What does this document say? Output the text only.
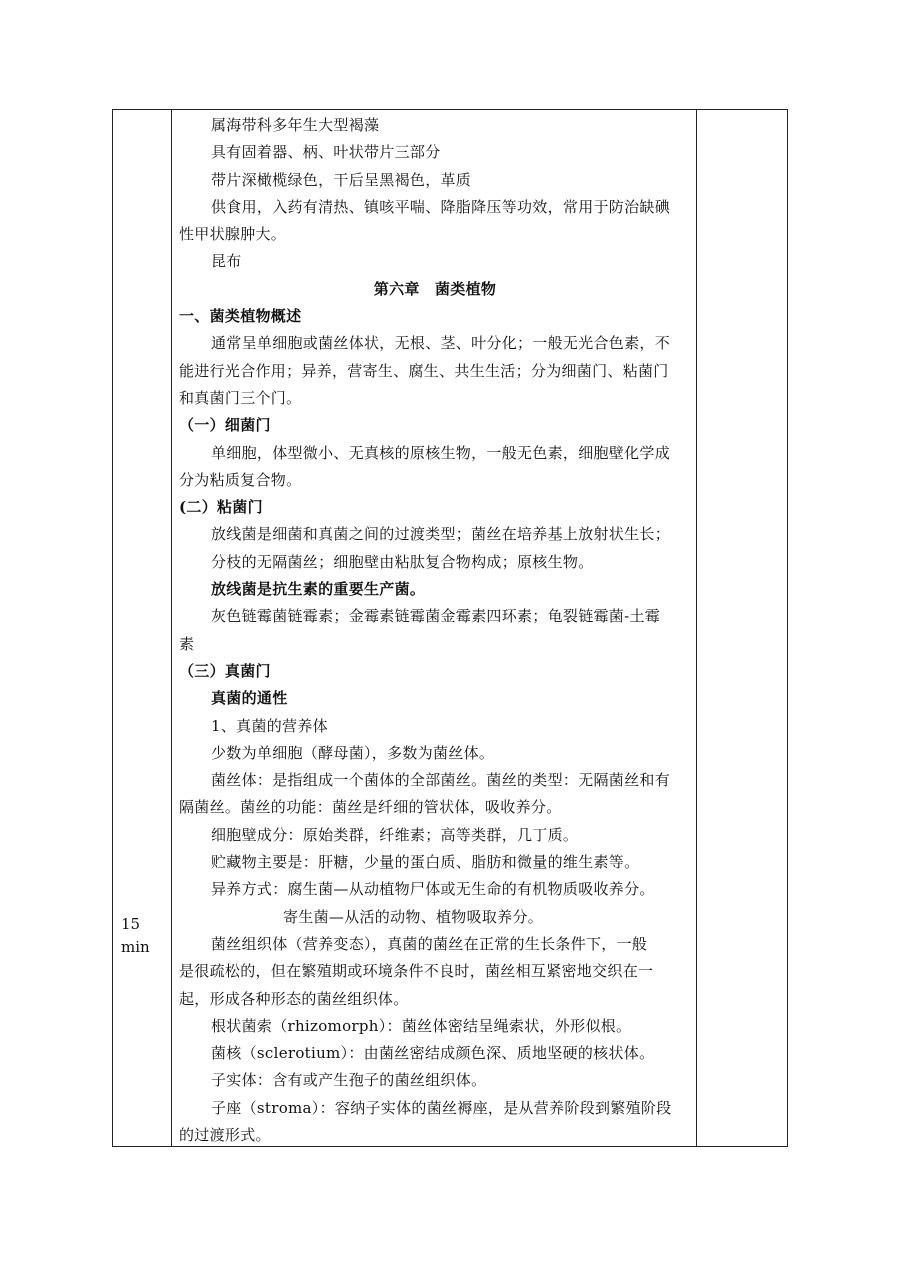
15
min
属海带科多年生大型褐藻
具有固着器、柄、叶状带片三部分
带片深橄榄绿色，干后呈黑褐色，革质
供食用，入药有清热、镇咳平喘、降脂降压等功效，常用于防治缺碘
性甲状腺肿大。
昆布
第六章　菌类植物
一、菌类植物概述
通常呈单细胞或菌丝体状，无根、茎、叶分化；一般无光合色素，不
能进行光合作用；异养，营寄生、腐生、共生生活；分为细菌门、粘菌门
和真菌门三个门。
（一）细菌门
单细胞，体型微小、无真核的原核生物，一般无色素，细胞壁化学成
分为粘质复合物。
(二）粘菌门
放线菌是细菌和真菌之间的过渡类型；菌丝在培养基上放射状生长；
分枝的无隔菌丝；细胞壁由粘肽复合物构成；原核生物。
放线菌是抗生素的重要生产菌。
灰色链霉菌链霉素；金霉素链霉菌金霉素四环素；龟裂链霉菌-土霉
素
（三）真菌门
真菌的通性
1、真菌的营养体
少数为单细胞（酵母菌），多数为菌丝体。
菌丝体：是指组成一个菌体的全部菌丝。菌丝的类型：无隔菌丝和有
隔菌丝。菌丝的功能：菌丝是纤细的管状体，吸收养分。
细胞壁成分：原始类群，纤维素；高等类群，几丁质。
贮藏物主要是：肝糖，少量的蛋白质、脂肪和微量的维生素等。
异养方式：腐生菌—从动植物尸体或无生命的有机物质吸收养分。
寄生菌—从活的动物、植物吸取养分。
菌丝组织体（营养变态），真菌的菌丝在正常的生长条件下，一般
是很疏松的，但在繁殖期或环境条件不良时，菌丝相互紧密地交织在一
起，形成各种形态的菌丝组织体。
根状菌索（rhizomorph）：菌丝体密结呈绳索状，外形似根。
菌核（sclerotium）：由菌丝密结成颜色深、质地坚硬的核状体。
子实体：含有或产生孢子的菌丝组织体。
子座（stroma）：容纳子实体的菌丝褥座，是从营养阶段到繁殖阶段
的过渡形式。
